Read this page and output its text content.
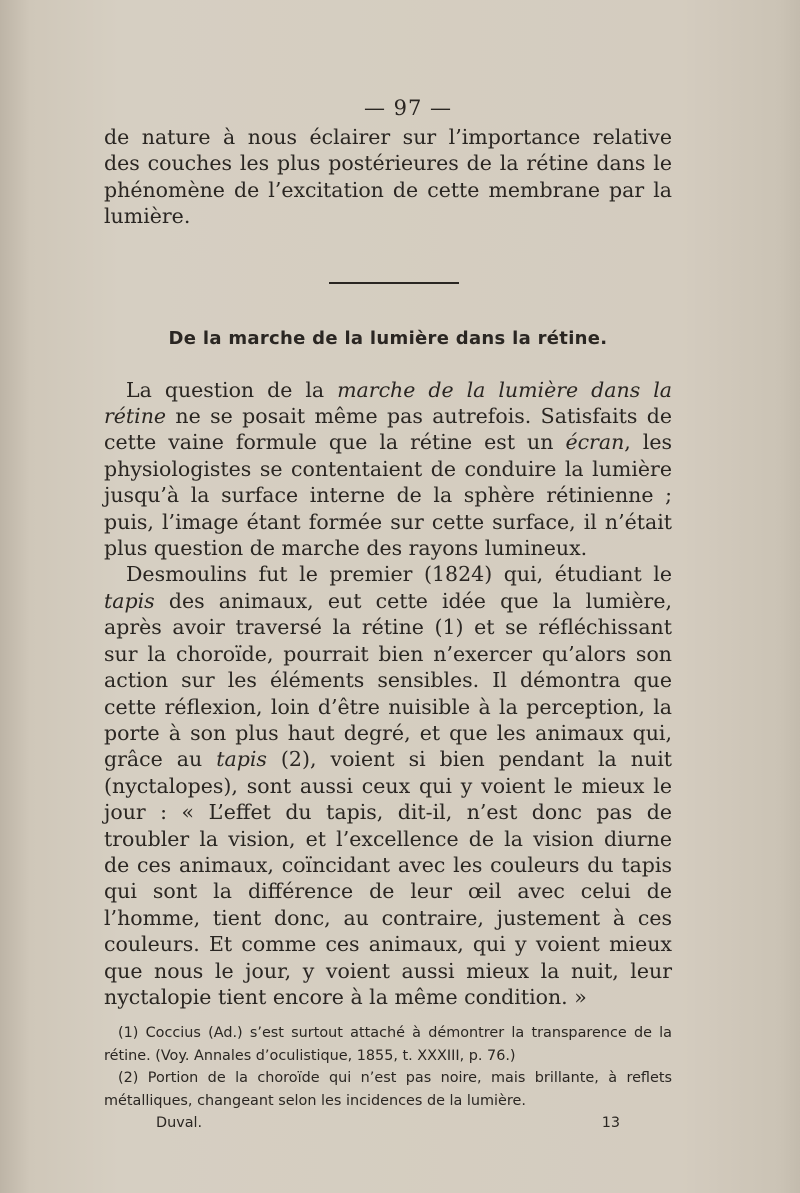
— 97 —

de nature à nous éclairer sur l’importance relative des couches les plus postérieures de la rétine dans le phénomène de l’excitation de cette membrane par la lumière.

De la marche de la lumière dans la rétine.

La question de la marche de la lumière dans la rétine ne se posait même pas autrefois. Satisfaits de cette vaine formule que la rétine est un écran, les physiologistes se contentaient de conduire la lumière jusqu’à la surface interne de la sphère rétinienne ; puis, l’image étant formée sur cette surface, il n’était plus question de marche des rayons lumineux.

Desmoulins fut le premier (1824) qui, étudiant le tapis des animaux, eut cette idée que la lumière, après avoir traversé la rétine (1) et se réfléchissant sur la choroïde, pourrait bien n’exercer qu’alors son action sur les éléments sensibles. Il démontra que cette réflexion, loin d’être nuisible à la perception, la porte à son plus haut degré, et que les animaux qui, grâce au tapis (2), voient si bien pendant la nuit (nyctalopes), sont aussi ceux qui y voient le mieux le jour : « L’effet du tapis, dit-il, n’est donc pas de troubler la vision, et l’excellence de la vision diurne de ces animaux, coïncidant avec les couleurs du tapis qui sont la différence de leur œil avec celui de l’homme, tient donc, au contraire, justement à ces couleurs. Et comme ces animaux, qui y voient mieux que nous le jour, y voient aussi mieux la nuit, leur nyctalopie tient encore à la même condition. »

(1) Coccius (Ad.) s’est surtout attaché à démontrer la transparence de la rétine. (Voy. Annales d’oculistique, 1855, t. XXXIII, p. 76.)

(2) Portion de la choroïde qui n’est pas noire, mais brillante, à reflets métalliques, changeant selon les incidences de la lumière.

Duval.	13
